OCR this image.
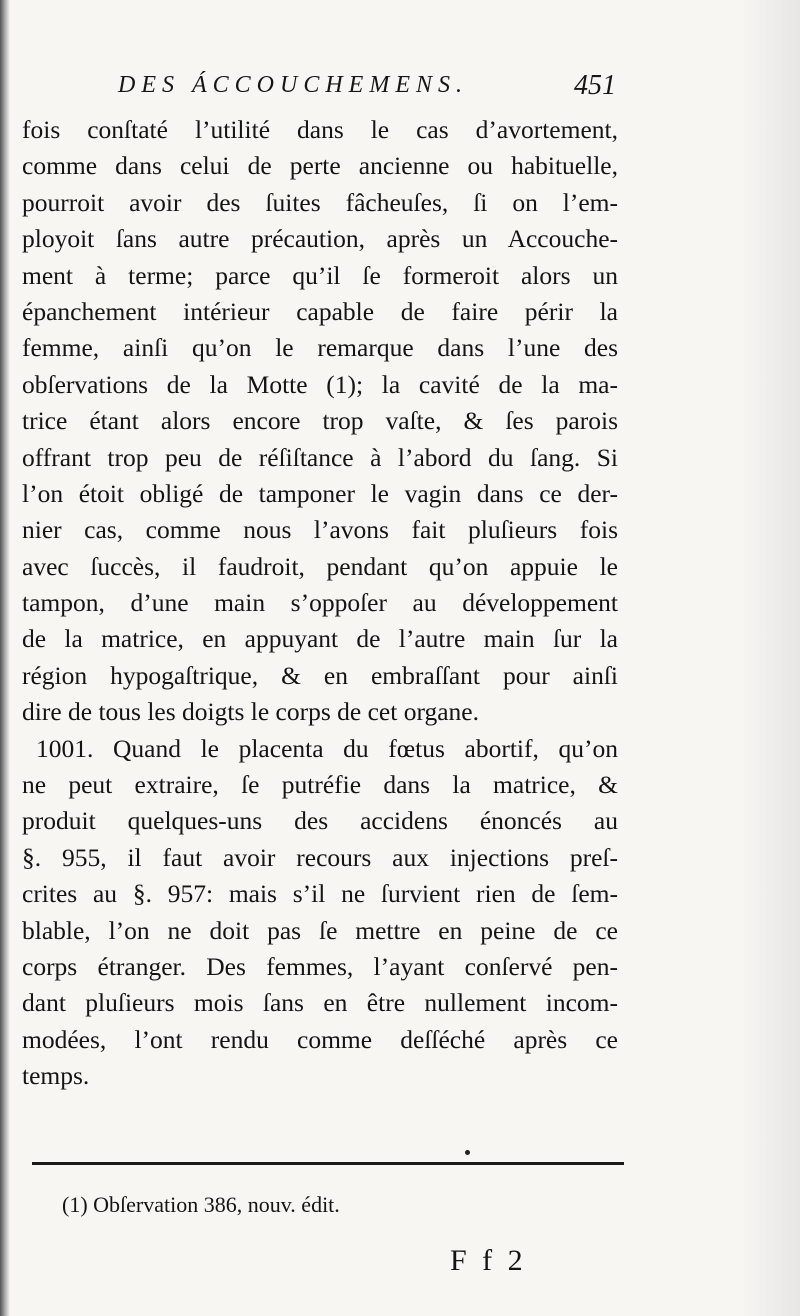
DES ÁCCOUCHEMENS.	451
fois conſtaté l’utilité dans le cas d’avortement,
comme dans celui de perte ancienne ou habituelle,
pourroit avoir des ſuites fâcheuſes, ſi on l’em-
ployoit ſans autre précaution, après un Accouche-
ment à terme; parce qu’il ſe formeroit alors un
épanchement intérieur capable de faire périr la
femme, ainſi qu’on le remarque dans l’une des
obſervations de la Motte (1); la cavité de la ma-
trice étant alors encore trop vaſte, & ſes parois
offrant trop peu de réſiſtance à l’abord du ſang. Si
l’on étoit obligé de tamponer le vagin dans ce der-
nier cas, comme nous l’avons fait pluſieurs fois
avec ſuccès, il faudroit, pendant qu’on appuie le
tampon, d’une main s’oppoſer au développement
de la matrice, en appuyant de l’autre main ſur la
région hypogaſtrique, & en embraſſant pour ainſi
dire de tous les doigts le corps de cet organe.
1001. Quand le placenta du fœtus abortif, qu’on
ne peut extraire, ſe putréfie dans la matrice, &
produit quelques-uns des accidens énoncés au
§. 955, il faut avoir recours aux injections preſ-
crites au §. 957: mais s’il ne ſurvient rien de ſem-
blable, l’on ne doit pas ſe mettre en peine de ce
corps étranger. Des femmes, l’ayant conſervé pen-
dant pluſieurs mois ſans en être nullement incom-
modées, l’ont rendu comme deſſéché après ce
temps.
(1) Obſervation 386, nouv. édit.
F f 2
